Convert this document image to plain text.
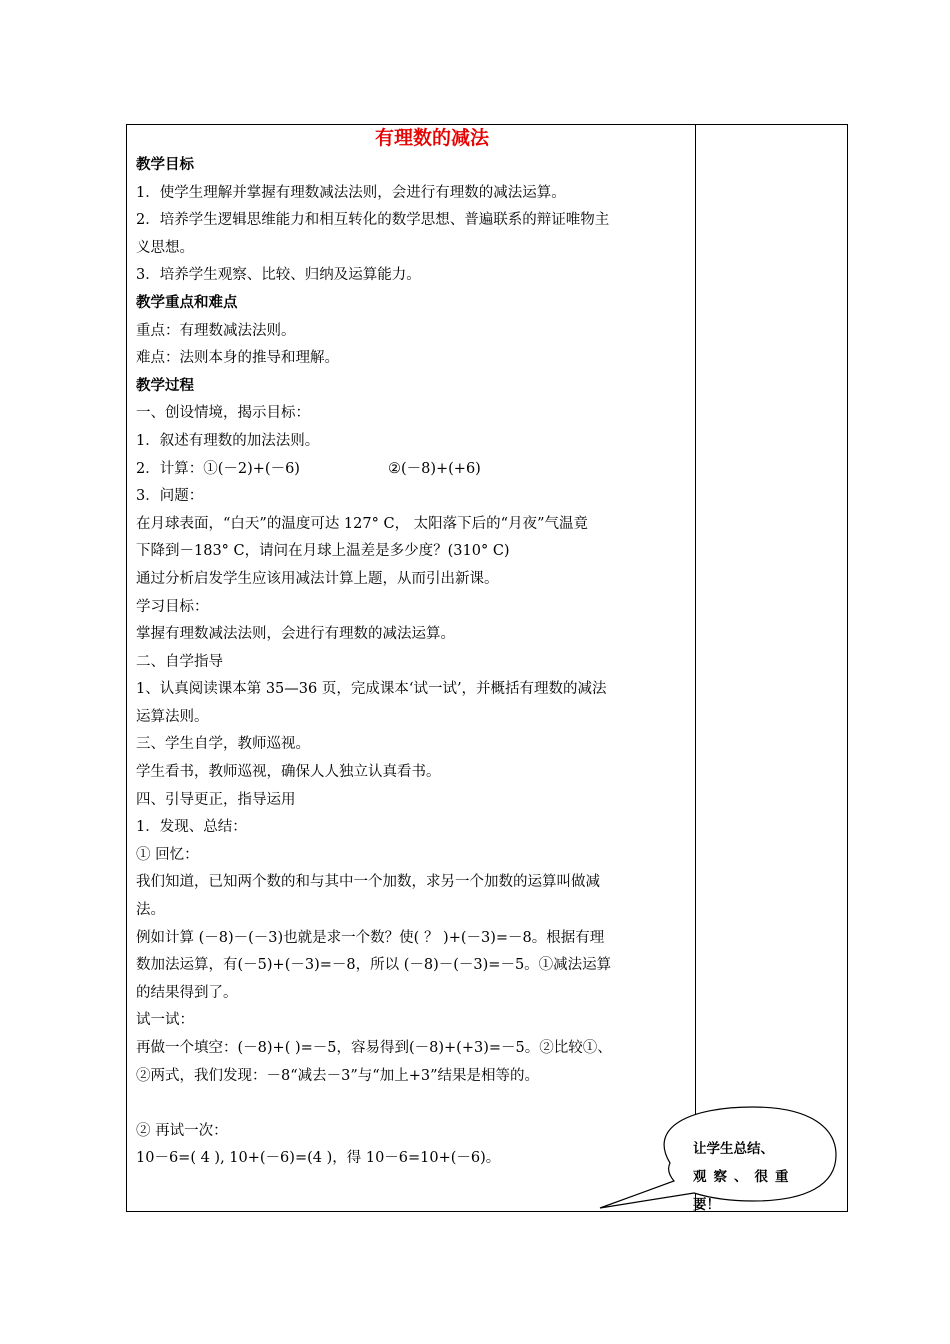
有理数的减法
教学目标
1．使学生理解并掌握有理数减法法则，会进行有理数的减法运算。
2．培养学生逻辑思维能力和相互转化的数学思想、普遍联系的辩证唯物主
义思想。
3．培养学生观察、比较、归纳及运算能力。
教学重点和难点
重点：有理数减法法则。
难点：法则本身的推导和理解。
教学过程
一、创设情境，揭示目标：
1．叙述有理数的加法法则。
2．计算：①(－2)+(－6)	②(－8)+(+6)
3．问题：
在月球表面，“白天”的温度可达 127° C， 太阳落下后的“月夜”气温竟
下降到－183° C，请问在月球上温差是多少度？(310° C)
通过分析启发学生应该用减法计算上题，从而引出新课。
学习目标：
掌握有理数减法法则，会进行有理数的减法运算。
二、自学指导
1、认真阅读课本第 35—36 页，完成课本‘试一试’，并概括有理数的减法
运算法则。
三、学生自学，教师巡视。
学生看书，教师巡视，确保人人独立认真看书。
四、引导更正，指导运用
1．发现、总结：
① 回忆：
我们知道，已知两个数的和与其中一个加数，求另一个加数的运算叫做减
法。
例如计算 (－8)－(－3)也就是求一个数？使( ？ )+(－3)=－8。根据有理
数加法运算，有(－5)+(－3)=－8，所以 (－8)－(－3)=－5。①减法运算
的结果得到了。
试一试：
再做一个填空：(－8)+( )=－5，容易得到(－8)+(+3)=－5。②比较①、
②两式，我们发现：－8“减去－3”与“加上+3”结果是相等的。
② 再试一次：
10－6=( 4 ), 10+(－6)=(4 )，得 10－6=10+(－6)。
让学生总结、
观察、很重
要！
